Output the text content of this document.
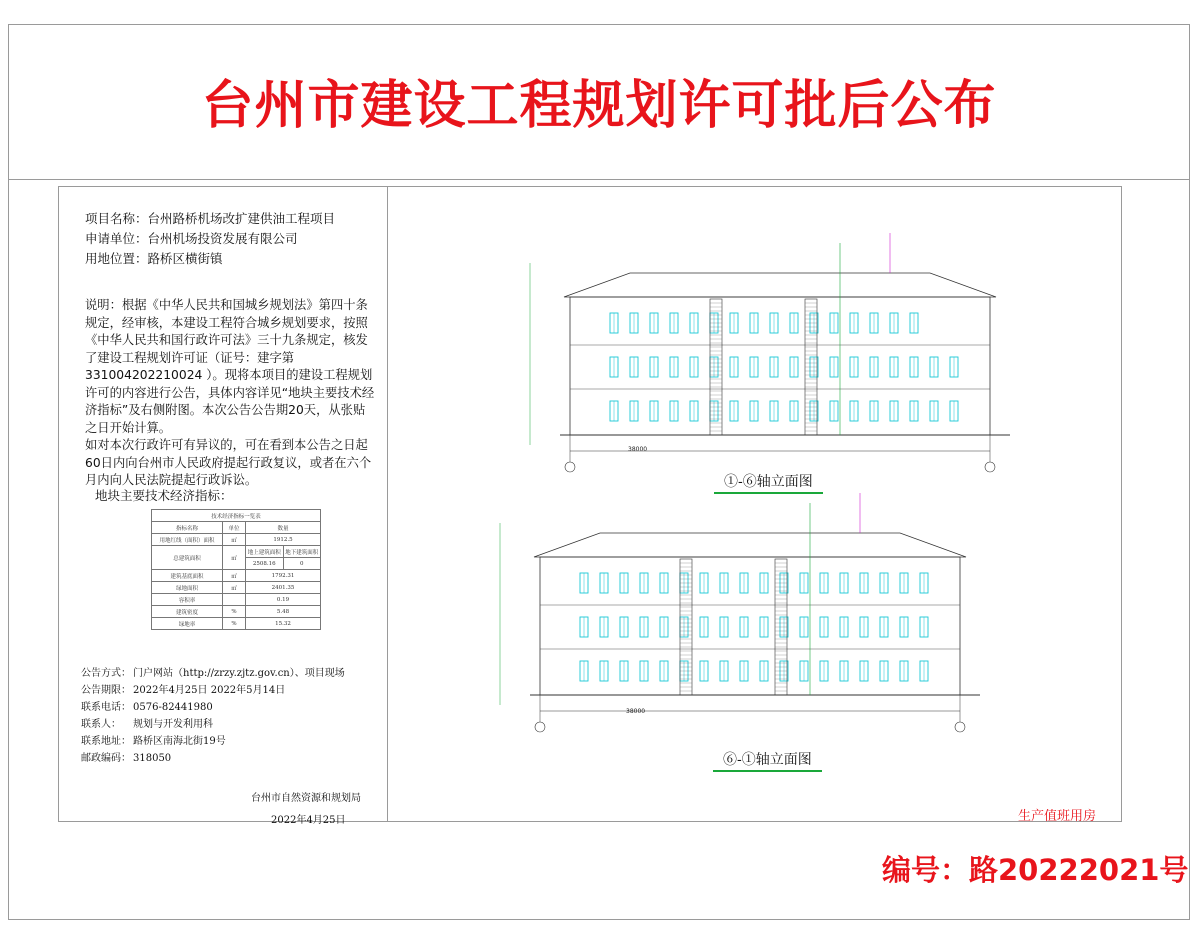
台州市建设工程规划许可批后公布
项目名称：台州路桥机场改扩建供油工程项目
申请单位：台州机场投资发展有限公司
用地位置：路桥区横街镇

说明：根据《中华人民共和国城乡规划法》第四十条规定，经审核，本建设工程符合城乡规划要求，按照《中华人民共和国行政许可法》三十九条规定，核发了建设工程规划许可证（证号：建字第331004202210024 ）。现将本项目的建设工程规划许可的内容进行公告，具体内容详见“地块主要技术经济指标”及右侧附图。本次公告公告期20天，从张贴之日开始计算。

如对本次行政许可有异议的，可在看到本公告之日起60日内向台州市人民政府提起行政复议，或者在六个月内向人民法院提起行政诉讼。

地块主要技术经济指标：
技术经济指标一览表			
指标名称	单位	数量	
用地红线（面积）面积	㎡	1912.5	
总建筑面积	㎡	地上建筑面积	地下建筑面积
		2508.16	0
建筑基底面积	㎡	1792.31	
绿地面积	㎡	2401.35	
容积率		0.19	
建筑密度	%	5.48	
绿地率	%	15.32	
公告方式： 门户网站（http://zrzy.zjtz.gov.cn）、项目现场
公告期限： 2022年4月25日 2022年5月14日
联系电话： 0576-82441980
联系人： 规划与开发利用科
联系地址： 路桥区南海北街19号
邮政编码： 318050
台州市自然资源和规划局
2022年4月25日
38000
38000
①-⑥轴立面图
⑥-①轴立面图
生产值班用房
编号：路20222021号
